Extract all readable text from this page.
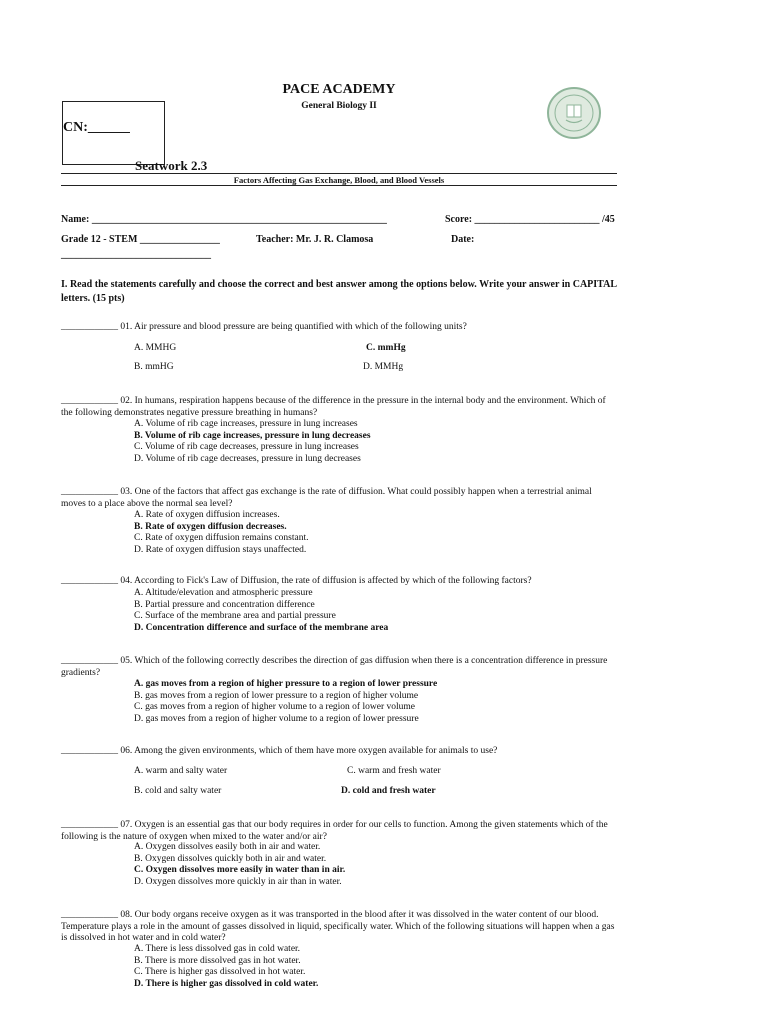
PACE ACADEMY
General Biology II
CN:______
Seatwork 2.3
Factors Affecting Gas Exchange, Blood, and Blood Vessels
Name: ___________________________________________________________	Score: _________________________ /45
Grade 12 - STEM ________________	Teacher: Mr. J. R. Clamosa	Date:
______________________________
I. Read the statements carefully and choose the correct and best answer among the options below. Write your answer in CAPITAL letters. (15 pts)
____________ 01. Air pressure and blood pressure are being quantified with which of the following units?
A. MMHG	C. mmHg
B. mmHG	D. MMHg
____________ 02. In humans, respiration happens because of the difference in the pressure in the internal body and the environment. Which of the following demonstrates negative pressure breathing in humans?
A. Volume of rib cage increases, pressure in lung increases
B. Volume of rib cage increases, pressure in lung decreases
C. Volume of rib cage decreases, pressure in lung increases
D. Volume of rib cage decreases, pressure in lung decreases
____________ 03. One of the factors that affect gas exchange is the rate of diffusion. What could possibly happen when a terrestrial animal moves to a place above the normal sea level?
A. Rate of oxygen diffusion increases.
B. Rate of oxygen diffusion decreases.
C. Rate of oxygen diffusion remains constant.
D. Rate of oxygen diffusion stays unaffected.
____________ 04. According to Fick's Law of Diffusion, the rate of diffusion is affected by which of the following factors?
A. Altitude/elevation and atmospheric pressure
B. Partial pressure and concentration difference
C. Surface of the membrane area and partial pressure
D. Concentration difference and surface of the membrane area
____________ 05. Which of the following correctly describes the direction of gas diffusion when there is a concentration difference in pressure gradients?
A. gas moves from a region of higher pressure to a region of lower pressure
B. gas moves from a region of lower pressure to a region of higher volume
C. gas moves from a region of higher volume to a region of lower volume
D. gas moves from a region of higher volume to a region of lower pressure
____________ 06. Among the given environments, which of them have more oxygen available for animals to use?
A. warm and salty water	C. warm and fresh water
B. cold and salty water	D. cold and fresh water
____________ 07. Oxygen is an essential gas that our body requires in order for our cells to function. Among the given statements which of the following is the nature of oxygen when mixed to the water and/or air?
A. Oxygen dissolves easily both in air and water.
B. Oxygen dissolves quickly both in air and water.
C. Oxygen dissolves more easily in water than in air.
D. Oxygen dissolves more quickly in air than in water.
____________ 08. Our body organs receive oxygen as it was transported in the blood after it was dissolved in the water content of our blood. Temperature plays a role in the amount of gasses dissolved in liquid, specifically water. Which of the following situations will happen when a gas is dissolved in hot water and in cold water?
A. There is less dissolved gas in cold water.
B. There is more dissolved gas in hot water.
C. There is higher gas dissolved in hot water.
D. There is higher gas dissolved in cold water.
